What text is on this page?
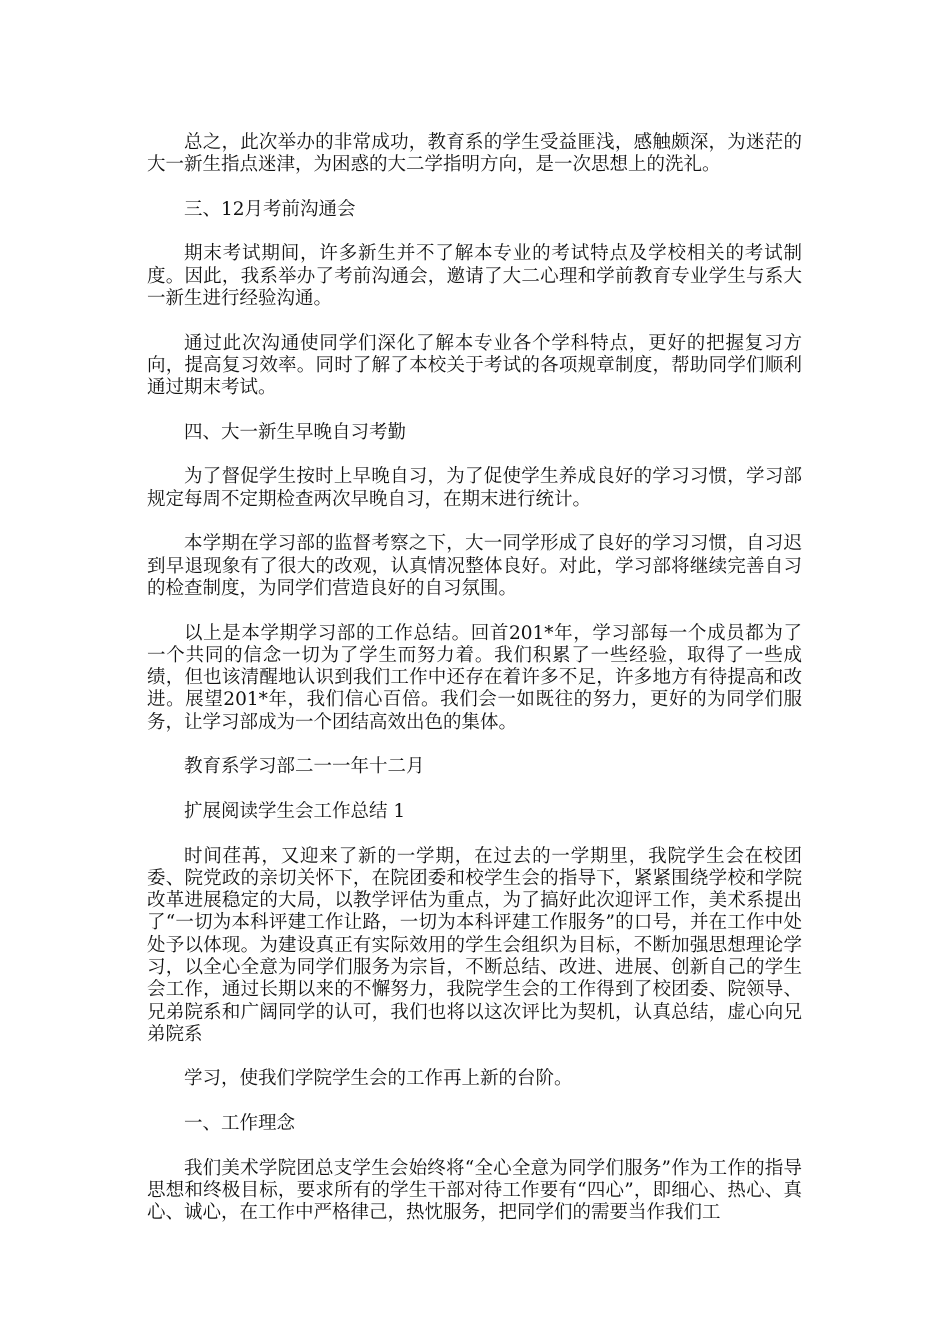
总之，此次举办的非常成功，教育系的学生受益匪浅，感触颇深，为迷茫的大一新生指点迷津，为困惑的大二学指明方向，是一次思想上的洗礼。

三、12月考前沟通会

期末考试期间，许多新生并不了解本专业的考试特点及学校相关的考试制度。因此，我系举办了考前沟通会，邀请了大二心理和学前教育专业学生与系大一新生进行经验沟通。

通过此次沟通使同学们深化了解本专业各个学科特点，更好的把握复习方向，提高复习效率。同时了解了本校关于考试的各项规章制度，帮助同学们顺利通过期末考试。

四、大一新生早晚自习考勤

为了督促学生按时上早晚自习，为了促使学生养成良好的学习习惯，学习部规定每周不定期检查两次早晚自习，在期末进行统计。

本学期在学习部的监督考察之下，大一同学形成了良好的学习习惯，自习迟到早退现象有了很大的改观，认真情况整体良好。对此，学习部将继续完善自习的检查制度，为同学们营造良好的自习氛围。

以上是本学期学习部的工作总结。回首201*年，学习部每一个成员都为了一个共同的信念一切为了学生而努力着。我们积累了一些经验，取得了一些成绩，但也该清醒地认识到我们工作中还存在着许多不足，许多地方有待提高和改进。展望201*年，我们信心百倍。我们会一如既往的努力，更好的为同学们服务，让学习部成为一个团结高效出色的集体。

教育系学习部二一一年十二月

扩展阅读学生会工作总结 1

时间荏苒，又迎来了新的一学期，在过去的一学期里，我院学生会在校团委、院党政的亲切关怀下，在院团委和校学生会的指导下，紧紧围绕学校和学院改革进展稳定的大局，以教学评估为重点，为了搞好此次迎评工作，美术系提出了“一切为本科评建工作让路，一切为本科评建工作服务”的口号，并在工作中处处予以体现。为建设真正有实际效用的学生会组织为目标，不断加强思想理论学习，以全心全意为同学们服务为宗旨，不断总结、改进、进展、创新自己的学生会工作，通过长期以来的不懈努力，我院学生会的工作得到了校团委、院领导、兄弟院系和广阔同学的认可，我们也将以这次评比为契机，认真总结，虚心向兄弟院系

学习，使我们学院学生会的工作再上新的台阶。

一、工作理念

我们美术学院团总支学生会始终将“全心全意为同学们服务”作为工作的指导思想和终极目标，要求所有的学生干部对待工作要有“四心”，即细心、热心、真心、诚心，在工作中严格律己，热忱服务，把同学们的需要当作我们工
